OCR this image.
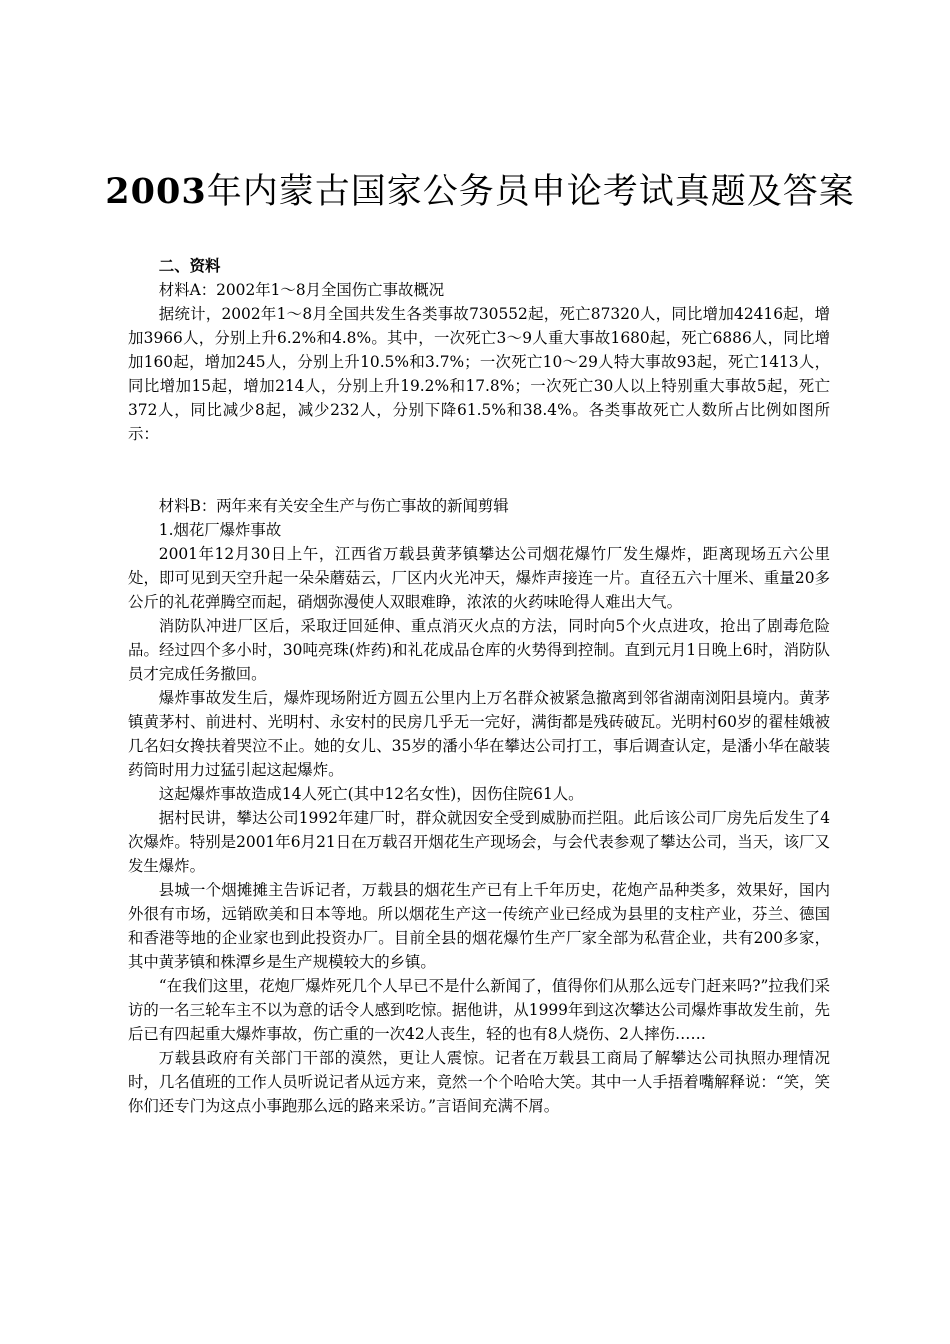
2003年内蒙古国家公务员申论考试真题及答案

二、资料

材料A：2002年1～8月全国伤亡事故概况

据统计，2002年1～8月全国共发生各类事故730552起，死亡87320人，同比增加42416起，增加3966人，分别上升6.2%和4.8%。其中，一次死亡3～9人重大事故1680起，死亡6886人，同比增加160起，增加245人，分别上升10.5%和3.7%；一次死亡10～29人特大事故93起，死亡1413人，同比增加15起，增加214人，分别上升19.2%和17.8%；一次死亡30人以上特别重大事故5起，死亡372人，同比减少8起，减少232人，分别下降61.5%和38.4%。各类事故死亡人数所占比例如图所示：

材料B：两年来有关安全生产与伤亡事故的新闻剪辑

1.烟花厂爆炸事故

2001年12月30日上午，江西省万载县黄茅镇攀达公司烟花爆竹厂发生爆炸，距离现场五六公里处，即可见到天空升起一朵朵蘑菇云，厂区内火光冲天，爆炸声接连一片。直径五六十厘米、重量20多公斤的礼花弹腾空而起，硝烟弥漫使人双眼难睁，浓浓的火药味呛得人难出大气。

消防队冲进厂区后，采取迂回延伸、重点消灭火点的方法，同时向5个火点进攻，抢出了剧毒危险品。经过四个多小时，30吨亮珠(炸药)和礼花成品仓库的火势得到控制。直到元月1日晚上6时，消防队员才完成任务撤回。

爆炸事故发生后，爆炸现场附近方圆五公里内上万名群众被紧急撤离到邻省湖南浏阳县境内。黄茅镇黄茅村、前进村、光明村、永安村的民房几乎无一完好，满街都是残砖破瓦。光明村60岁的翟桂娥被几名妇女搀扶着哭泣不止。她的女儿、35岁的潘小华在攀达公司打工，事后调查认定，是潘小华在敲装药筒时用力过猛引起这起爆炸。

这起爆炸事故造成14人死亡(其中12名女性)，因伤住院61人。

据村民讲，攀达公司1992年建厂时，群众就因安全受到威胁而拦阻。此后该公司厂房先后发生了4次爆炸。特别是2001年6月21日在万载召开烟花生产现场会，与会代表参观了攀达公司，当天，该厂又发生爆炸。

县城一个烟摊摊主告诉记者，万载县的烟花生产已有上千年历史，花炮产品种类多，效果好，国内外很有市场，远销欧美和日本等地。所以烟花生产这一传统产业已经成为县里的支柱产业，芬兰、德国和香港等地的企业家也到此投资办厂。目前全县的烟花爆竹生产厂家全部为私营企业，共有200多家，其中黄茅镇和株潭乡是生产规模较大的乡镇。

“在我们这里，花炮厂爆炸死几个人早已不是什么新闻了，值得你们从那么远专门赶来吗?”拉我们采访的一名三轮车主不以为意的话令人感到吃惊。据他讲，从1999年到这次攀达公司爆炸事故发生前，先后已有四起重大爆炸事故，伤亡重的一次42人丧生，轻的也有8人烧伤、2人摔伤……

万载县政府有关部门干部的漠然，更让人震惊。记者在万载县工商局了解攀达公司执照办理情况时，几名值班的工作人员听说记者从远方来，竟然一个个哈哈大笑。其中一人手捂着嘴解释说：“笑，笑你们还专门为这点小事跑那么远的路来采访。”言语间充满不屑。
